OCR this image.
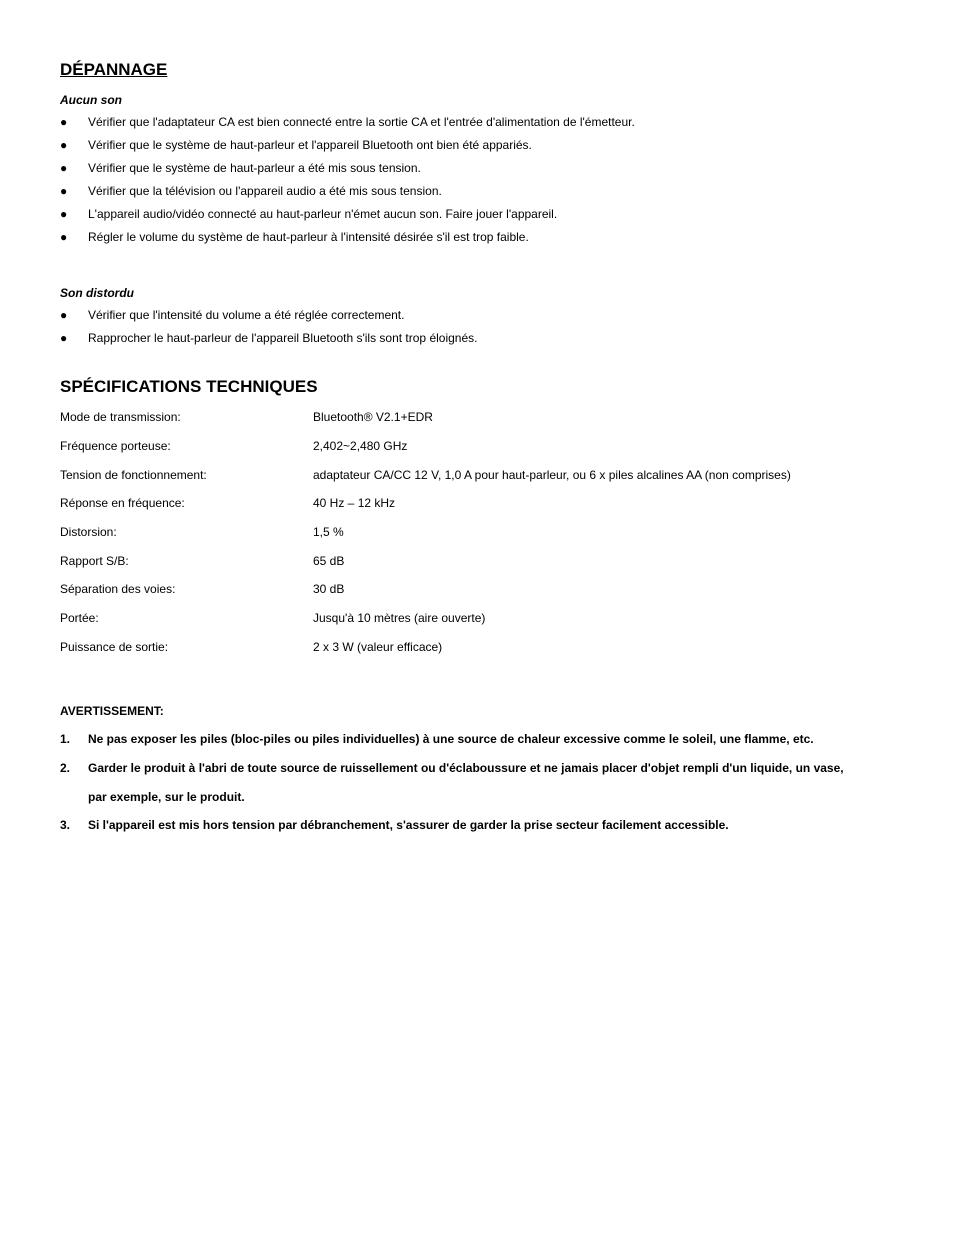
DÉPANNAGE
Aucun son
●	Vérifier que l'adaptateur CA est bien connecté entre la sortie CA et l'entrée d'alimentation de l'émetteur.
●	Vérifier que le système de haut-parleur et l'appareil Bluetooth ont bien été appariés.
●	Vérifier que le système de haut-parleur a été mis sous tension.
●	Vérifier que la télévision ou l'appareil audio a été mis sous tension.
●	L'appareil audio/vidéo connecté au haut-parleur n'émet aucun son. Faire jouer l'appareil.
●	Régler le volume du système de haut-parleur à l'intensité désirée s'il est trop faible.
Son distordu
●	Vérifier que l'intensité du volume a été réglée correctement.
●	Rapprocher le haut-parleur de l'appareil Bluetooth s'ils sont trop éloignés.
SPÉCIFICATIONS TECHNIQUES
Mode de transmission:	Bluetooth® V2.1+EDR
Fréquence porteuse:	2,402~2,480 GHz
Tension de fonctionnement:	adaptateur CA/CC 12 V, 1,0 A pour haut-parleur, ou 6 x piles alcalines AA (non comprises)
Réponse en fréquence:	40 Hz – 12 kHz
Distorsion:	1,5 %
Rapport S/B:	65 dB
Séparation des voies:	30 dB
Portée:	Jusqu'à 10 mètres (aire ouverte)
Puissance de sortie:	2 x 3 W (valeur efficace)
AVERTISSEMENT:
1. Ne pas exposer les piles (bloc-piles ou piles individuelles) à une source de chaleur excessive comme le soleil, une flamme, etc.
2. Garder le produit à l'abri de toute source de ruissellement ou d'éclaboussure et ne jamais placer d'objet rempli d'un liquide, un vase,
par exemple, sur le produit.
3. Si l'appareil est mis hors tension par débranchement, s'assurer de garder la prise secteur facilement accessible.
